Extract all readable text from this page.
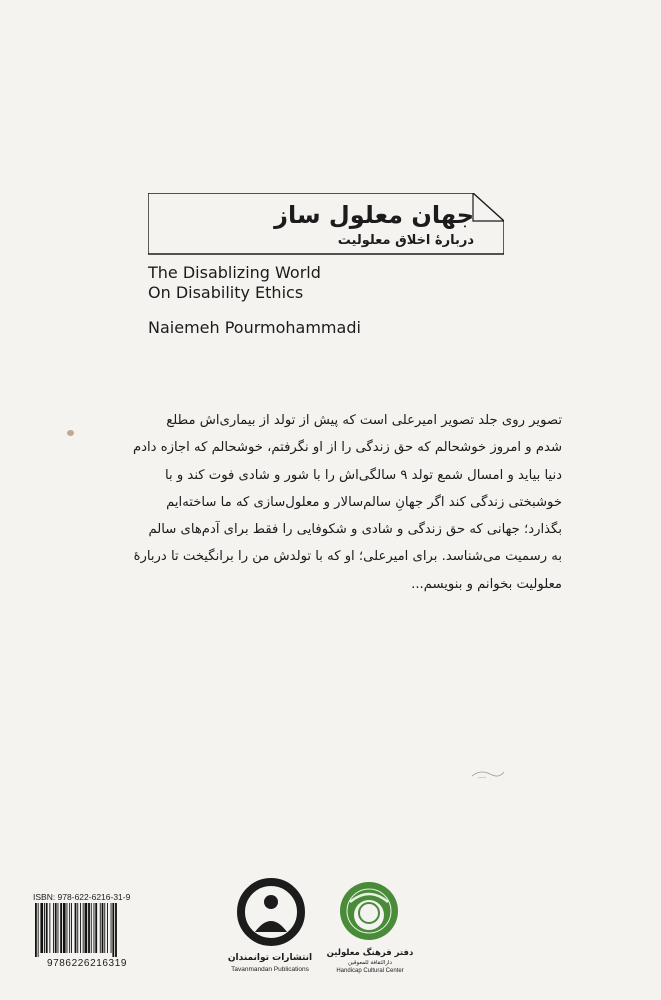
جهان معلول ساز
دربارهٔ اخلاق معلولیت
The Disablizing World
On Disability Ethics
Naiemeh Pourmohammadi
تصویر روی جلد تصویر امیرعلی است که پیش از تولد از بیماری‌اش مطلع
شدم و امروز خوشحالم که حق زندگی را از او نگرفتم، خوشحالم که اجازه دادم
دنیا بیاید و امسال شمع تولد ۹ سالگی‌اش را با شور و شادی فوت کند و با
خوشبختی زندگی کند اگر جهانِ سالم‌سالار و معلول‌سازی که ما ساخته‌ایم
بگذارد؛ جهانی که حق زندگی و شادی و شکوفایی را فقط برای آدم‌های سالم
به رسمیت می‌شناسد. برای امیرعلی؛ او که با تولدش من را برانگیخت تا دربارهٔ
معلولیت بخوانم و بنویسم...
ISBN: 978-622-6216-31-9
9786226216319	انتشارات توانمندان
Tavanmandan Publications
دفتر فرهنگ معلولین
دارالثقافة للمعوقین
Handicap Cultural Center
